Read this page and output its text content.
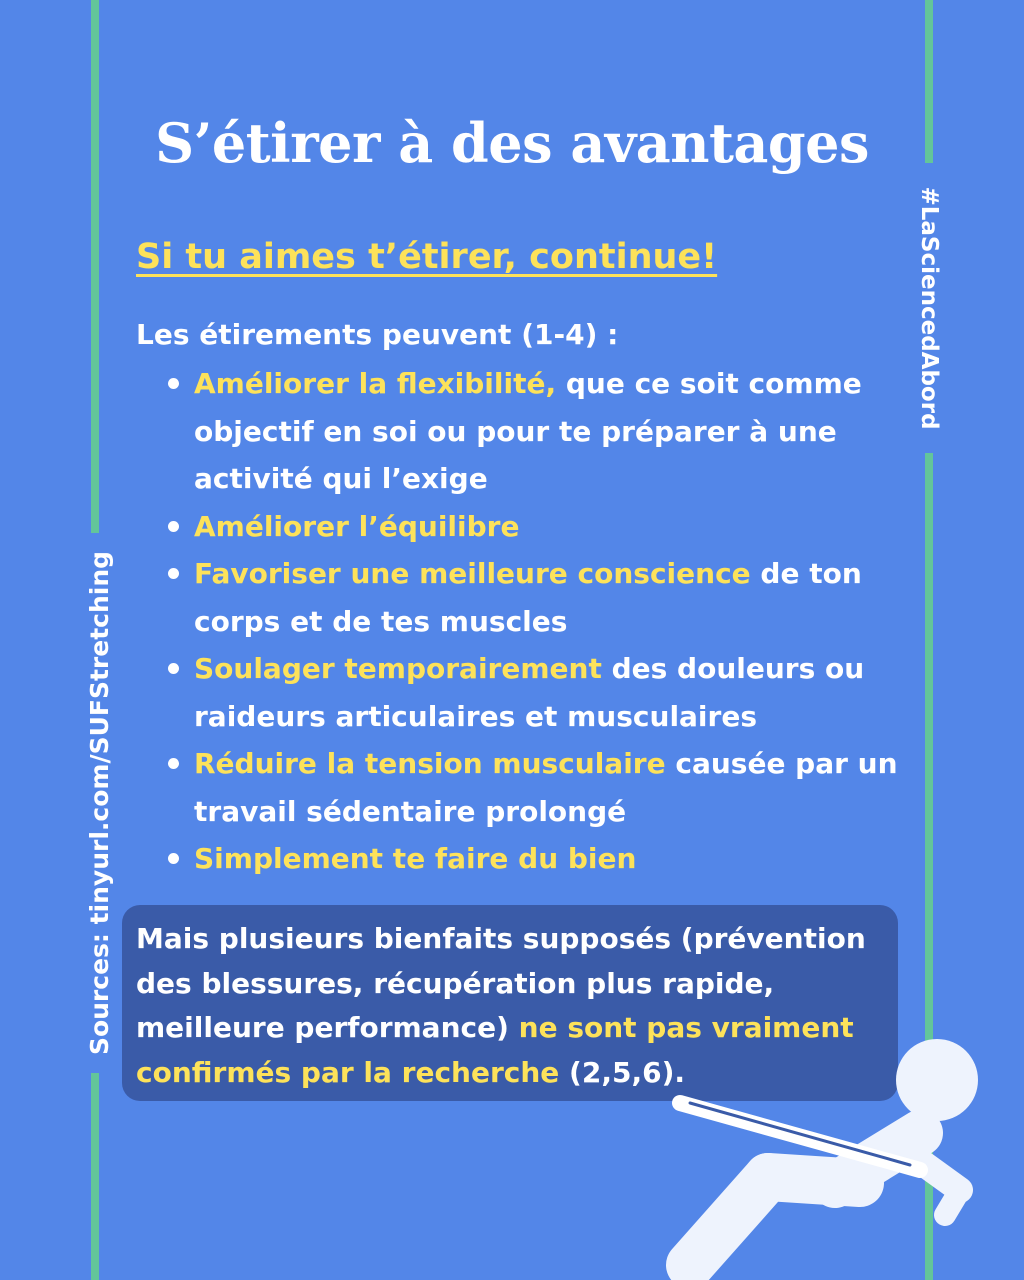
S’étirer à des avantages
Si tu aimes t’étirer, continue!
Les étirements peuvent (1-4) :
Améliorer la flexibilité, que ce soit comme objectif en soi ou pour te préparer à une activité qui l’exige
Améliorer l’équilibre
Favoriser une meilleure conscience de ton corps et de tes muscles
Soulager temporairement des douleurs ou raideurs articulaires et musculaires
Réduire la tension musculaire causée par un travail sédentaire prolongé
Simplement te faire du bien

Mais plusieurs bienfaits supposés (prévention des blessures, récupération plus rapide, meilleure performance) ne sont pas vraiment confirmés par la recherche (2,5,6).

Sources: tinyurl.com/SUFStretching
#LaSciencedAbord
